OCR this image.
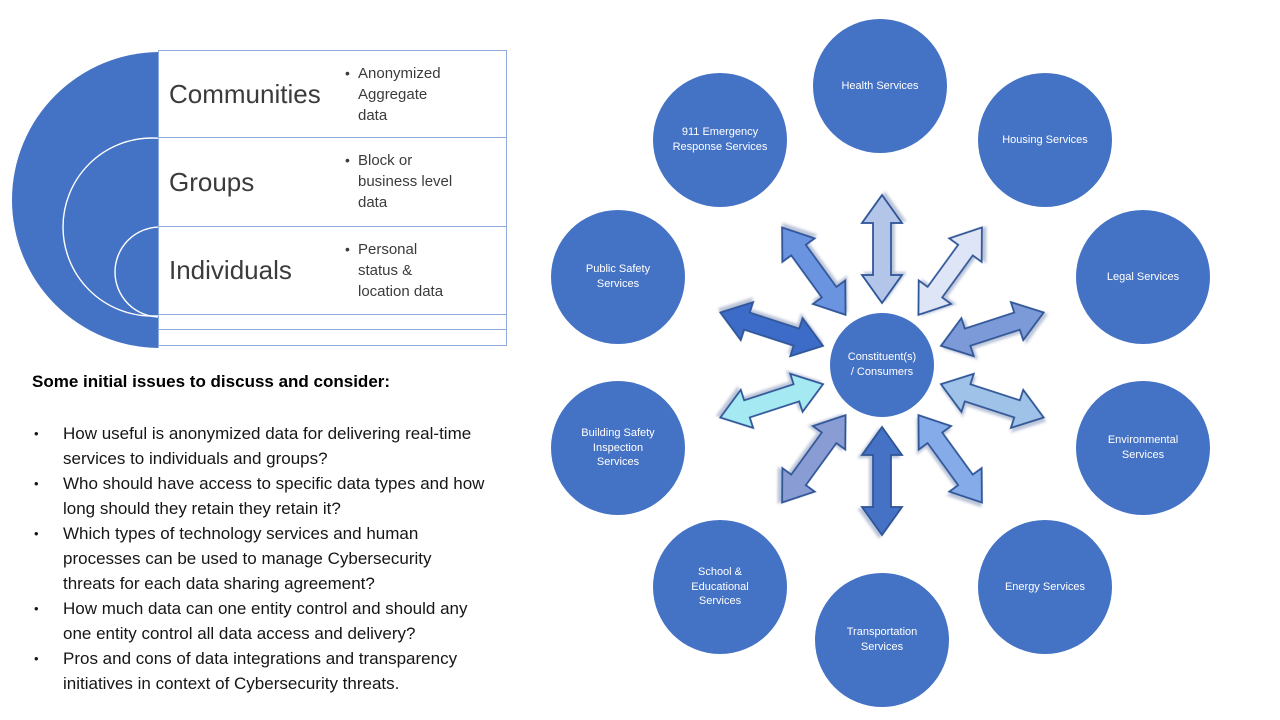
Communities
• Anonymized Aggregate data
Groups
• Block or business level data
Individuals
• Personal status & location data
Some initial issues to discuss and consider:
•	How useful is anonymized data for delivering real-time services to individuals and groups?
•	Who should have access to specific data types and how long should they retain they retain it?
•	Which types of technology services and human processes can be used to manage Cybersecurity threats for each data sharing agreement?
•	How much data can one entity control and should any one entity control all data access and delivery?
•	Pros and cons of data integrations and transparency initiatives in context of Cybersecurity threats.
Health Services
Housing Services
Legal Services
Environmental
Services
Energy Services
Transportation
Services
School &
Educational
Services
Building Safety
Inspection
Services
Public Safety
Services
911 Emergency
Response Services
Constituent(s)
/ Consumers
